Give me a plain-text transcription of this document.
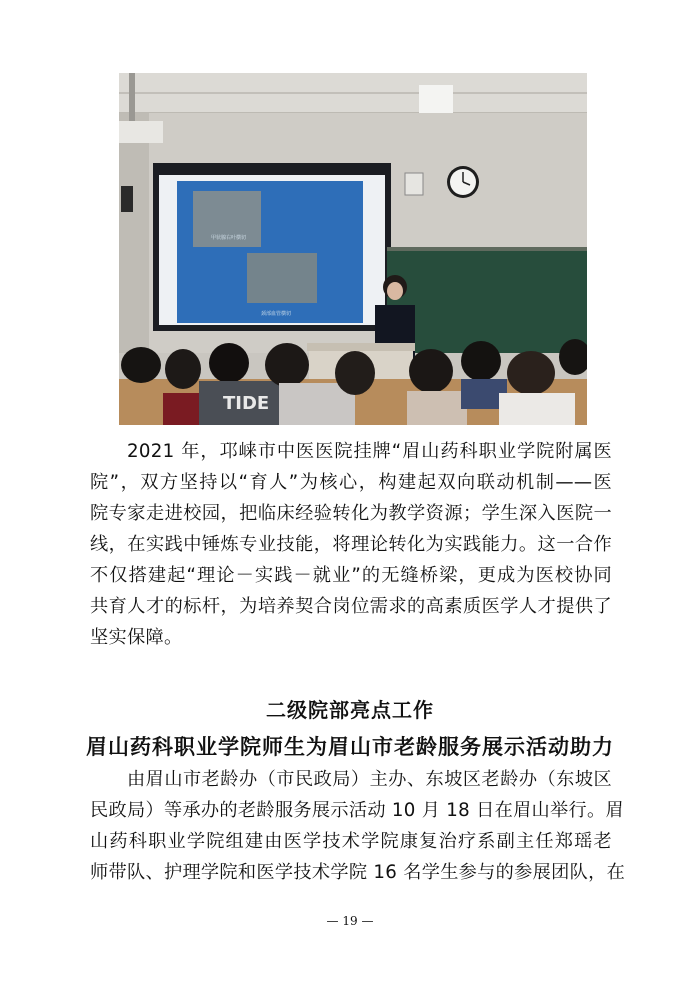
甲状腺右叶横切
颈部血管横切
TIDE

2021 年，邛崃市中医医院挂牌“眉山药科职业学院附属医
院”，双方坚持以“育人”为核心，构建起双向联动机制——医
院专家走进校园，把临床经验转化为教学资源；学生深入医院一
线，在实践中锤炼专业技能，将理论转化为实践能力。这一合作
不仅搭建起“理论－实践－就业”的无缝桥梁，更成为医校协同
共育人才的标杆，为培养契合岗位需求的高素质医学人才提供了
坚实保障。

二级院部亮点工作
眉山药科职业学院师生为眉山市老龄服务展示活动助力

由眉山市老龄办（市民政局）主办、东坡区老龄办（东坡区
民政局）等承办的老龄服务展示活动 10 月 18 日在眉山举行。眉
山药科职业学院组建由医学技术学院康复治疗系副主任郑瑶老
师带队、护理学院和医学技术学院 16 名学生参与的参展团队，在

— 19 —
